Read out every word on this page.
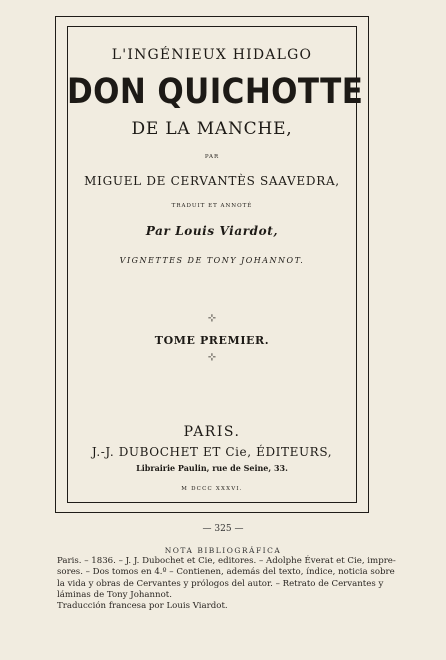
L'INGÉNIEUX HIDALGO
DON QUICHOTTE
DE LA MANCHE,
PAR
MIGUEL DE CERVANTÈS SAAVEDRA,
TRADUIT ET ANNOTÉ
Par Louis Viardot,
VIGNETTES DE TONY JOHANNOT.
⊹
TOME PREMIER.
⊹
PARIS.
J.-J. DUBOCHET ET Cie, ÉDITEURS,
Librairie Paulin, rue de Seine, 33.
M DCCC XXXVI.
— 325 —
NOTA BIBLIOGRÁFICA
Paris. – 1836. – J. J. Dubochet et Cie, editores. – Adolphe Éverat et Cie, impre-
sores. – Dos tomos en 4.º – Contienen, además del texto, índice, noticia sobre
la vida y obras de Cervantes y prólogos del autor. – Retrato de Cervantes y
láminas de Tony Johannot.
Traducción francesa por Louis Viardot.
